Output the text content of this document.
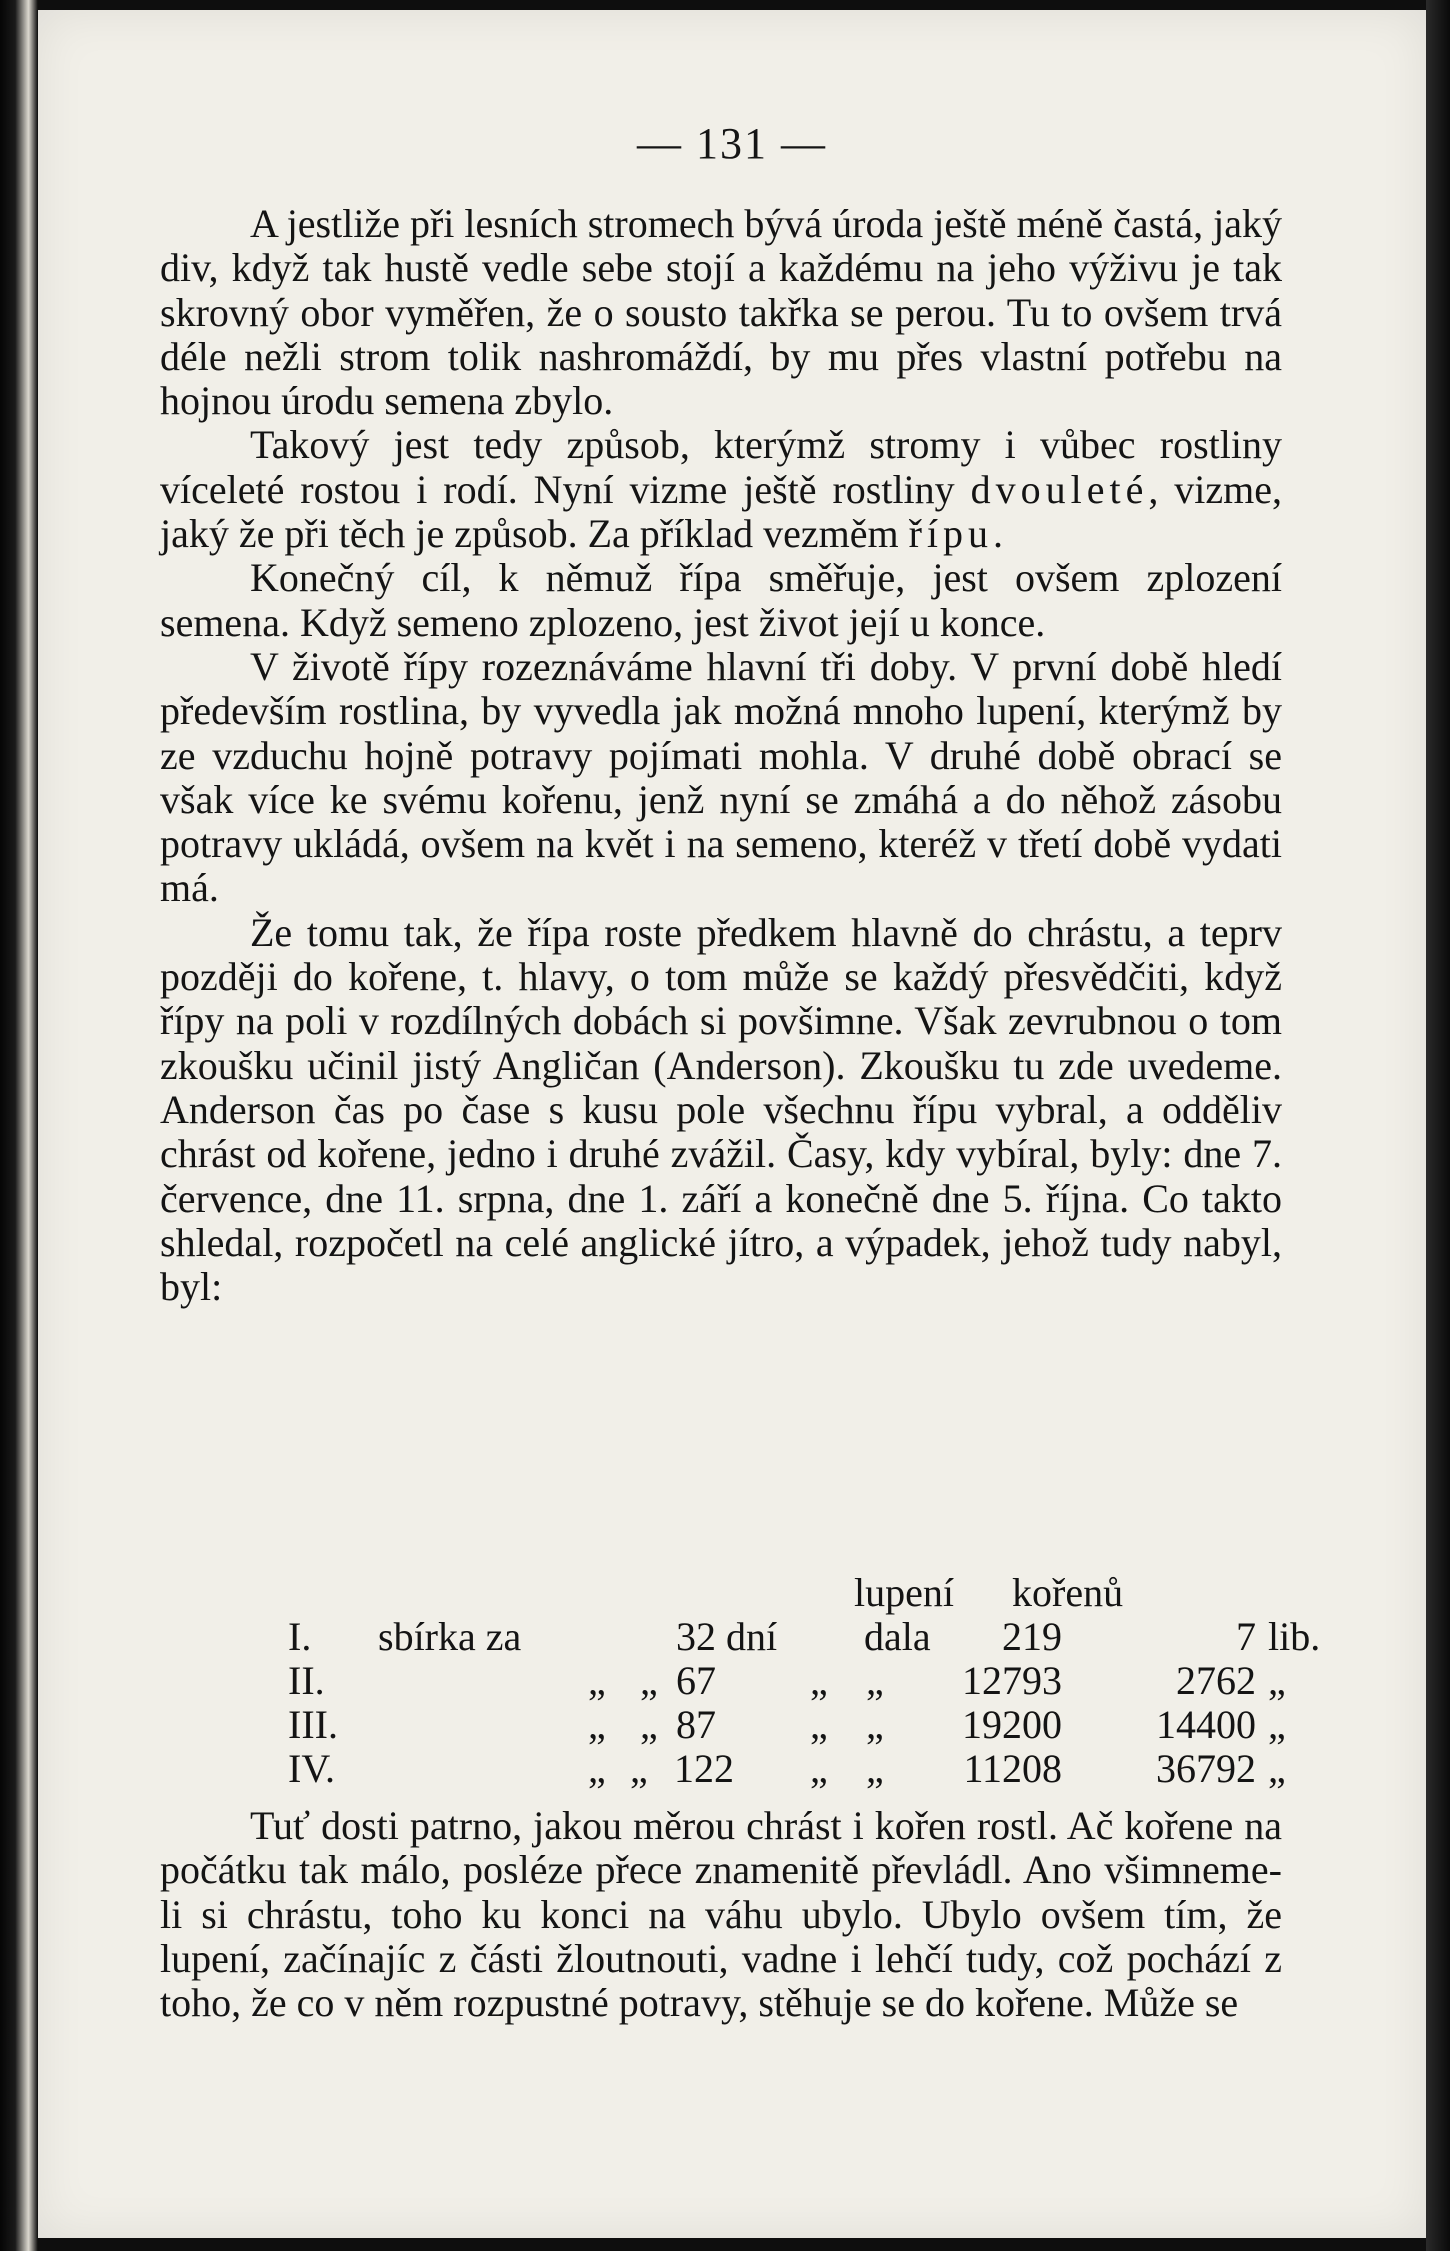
— 131 —

A jestliže při lesních stromech bývá úroda ještě méně častá, jaký div, když tak hustě vedle sebe stojí a každému na jeho výživu je tak skrovný obor vyměřen, že o sousto takřka se perou. Tu to ovšem trvá déle nežli strom tolik nashromáždí, by mu přes vlastní potřebu na hojnou úrodu semena zbylo.

Takový jest tedy způsob, kterýmž stromy i vůbec rostliny víceleté rostou i rodí. Nyní vizme ještě rostliny dvouleté, vizme, jaký že při těch je způsob. Za příklad vezměm řípu.

Konečný cíl, k němuž řípa směřuje, jest ovšem zplození semena. Když semeno zplozeno, jest život její u konce.

V životě řípy rozeznáváme hlavní tři doby. V první době hledí především rostlina, by vyvedla jak možná mnoho lupení, kterýmž by ze vzduchu hojně potravy pojímati mohla. V druhé době obrací se však více ke svému kořenu, jenž nyní se zmáhá a do něhož zásobu potravy ukládá, ovšem na květ i na semeno, kteréž v třetí době vydati má.

Že tomu tak, že řípa roste předkem hlavně do chrástu, a teprv později do kořene, t. hlavy, o tom může se každý přesvědčiti, když řípy na poli v rozdílných dobách si povšimne. Však zevrubnou o tom zkoušku učinil jistý Angličan (Anderson). Zkoušku tu zde uvedeme. Anderson čas po čase s kusu pole všechnu řípu vybral, a odděliv chrást od kořene, jedno i druhé zvážil. Časy, kdy vybíral, byly: dne 7. července, dne 11. srpna, dne 1. září a konečně dne 5. října. Co takto shledal, rozpočetl na celé anglické jítro, a výpadek, jehož tudy nabyl, byl:

lupení kořenů
I.	sbírka za	32 dní dala	219	7 lib.
II.	„ „ 67 „ „	12793	2762 „
III.	„ „ 87 „ „	19200	14400 „
IV.	„ „ 122 „ „	11208	36792 „

Tuť dosti patrno, jakou měrou chrást i kořen rostl. Ač kořene na počátku tak málo, posléze přece znamenitě převládl. Ano všimneme-li si chrástu, toho ku konci na váhu ubylo. Ubylo ovšem tím, že lupení, začínajíc z části žloutnouti, vadne i lehčí tudy, což pochází z toho, že co v něm rozpustné potravy, stěhuje se do kořene. Může se
